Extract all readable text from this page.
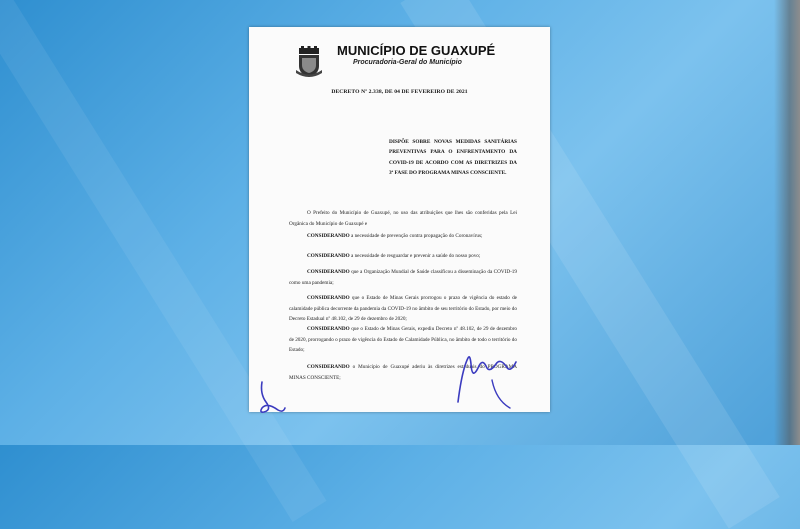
MUNICÍPIO DE GUAXUPÉ
Procuradoria-Geral do Município
DECRETO Nº 2.338, DE 04 DE FEVEREIRO DE 2021
DISPÕE SOBRE NOVAS MEDIDAS SANITÁRIAS PREVENTIVAS PARA O ENFRENTAMENTO DA COVID-19 DE ACORDO COM AS DIRETRIZES DA 3ª FASE DO PROGRAMA MINAS CONSCIENTE.
O Prefeito do Município de Guaxupé, no uso das atribuições que lhes são conferidas pela Lei Orgânica do Município de Guaxupé e
CONSIDERANDO a necessidade de prevenção contra propagação do Coronavírus;
CONSIDERANDO a necessidade de resguardar e prevenir a saúde do nosso povo;
CONSIDERANDO que a Organização Mundial de Saúde classificou a disseminação da COVID-19 como uma pandemia;
CONSIDERANDO que o Estado de Minas Gerais prorrogou o prazo de vigência do estado de calamidade pública decorrente da pandemia da COVID-19 no âmbito de seu território do Estado, por meio do Decreto Estadual nº 48.102, de 29 de dezembro de 2020;
CONSIDERANDO que o Estado de Minas Gerais, expediu Decreto nº 48.102, de 29 de dezembro de 2020, prorrogando o prazo de vigência do Estado de Calamidade Pública, no âmbito de todo o território do Estado;
CONSIDERANDO o Município de Guaxupé aderiu às diretrizes estaduais do PROGRAMA MINAS CONSCIENTE;
